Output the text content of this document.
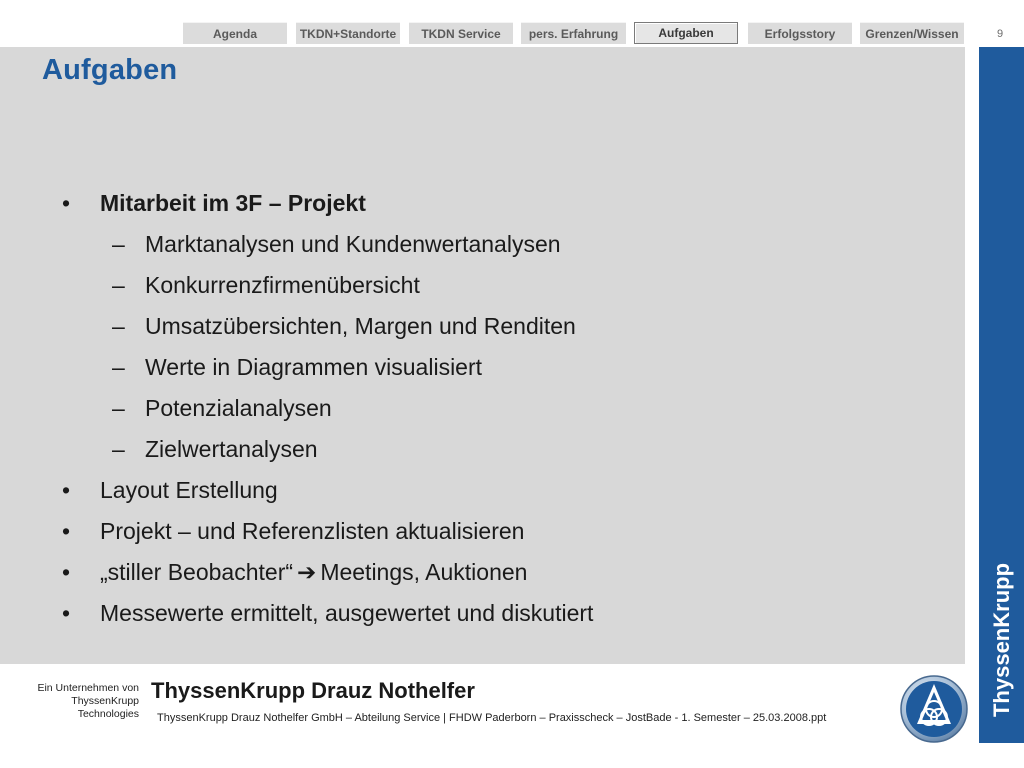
Agenda	TKDN+Standorte	TKDN Service	pers. Erfahrung	Aufgaben	Erfolgsstory	Grenzen/Wissen	9
Aufgaben
• Mitarbeit im 3F – Projekt
– Marktanalysen und Kundenwertanalysen
– Konkurrenzfirmenübersicht
– Umsatzübersichten, Margen und Renditen
– Werte in Diagrammen visualisiert
– Potenzialanalysen
– Zielwertanalysen
• Layout Erstellung
• Projekt – und Referenzlisten aktualisieren
• „stiller Beobachter“ ➔ Meetings, Auktionen
• Messewerte ermittelt, ausgewertet und diskutiert	ThyssenKrupp
Ein Unternehmen von
ThyssenKrupp
Technologies
ThyssenKrupp Drauz Nothelfer
ThyssenKrupp Drauz Nothelfer GmbH – Abteilung Service | FHDW Paderborn – Praxisscheck – JostBade - 1. Semester – 25.03.2008.ppt
